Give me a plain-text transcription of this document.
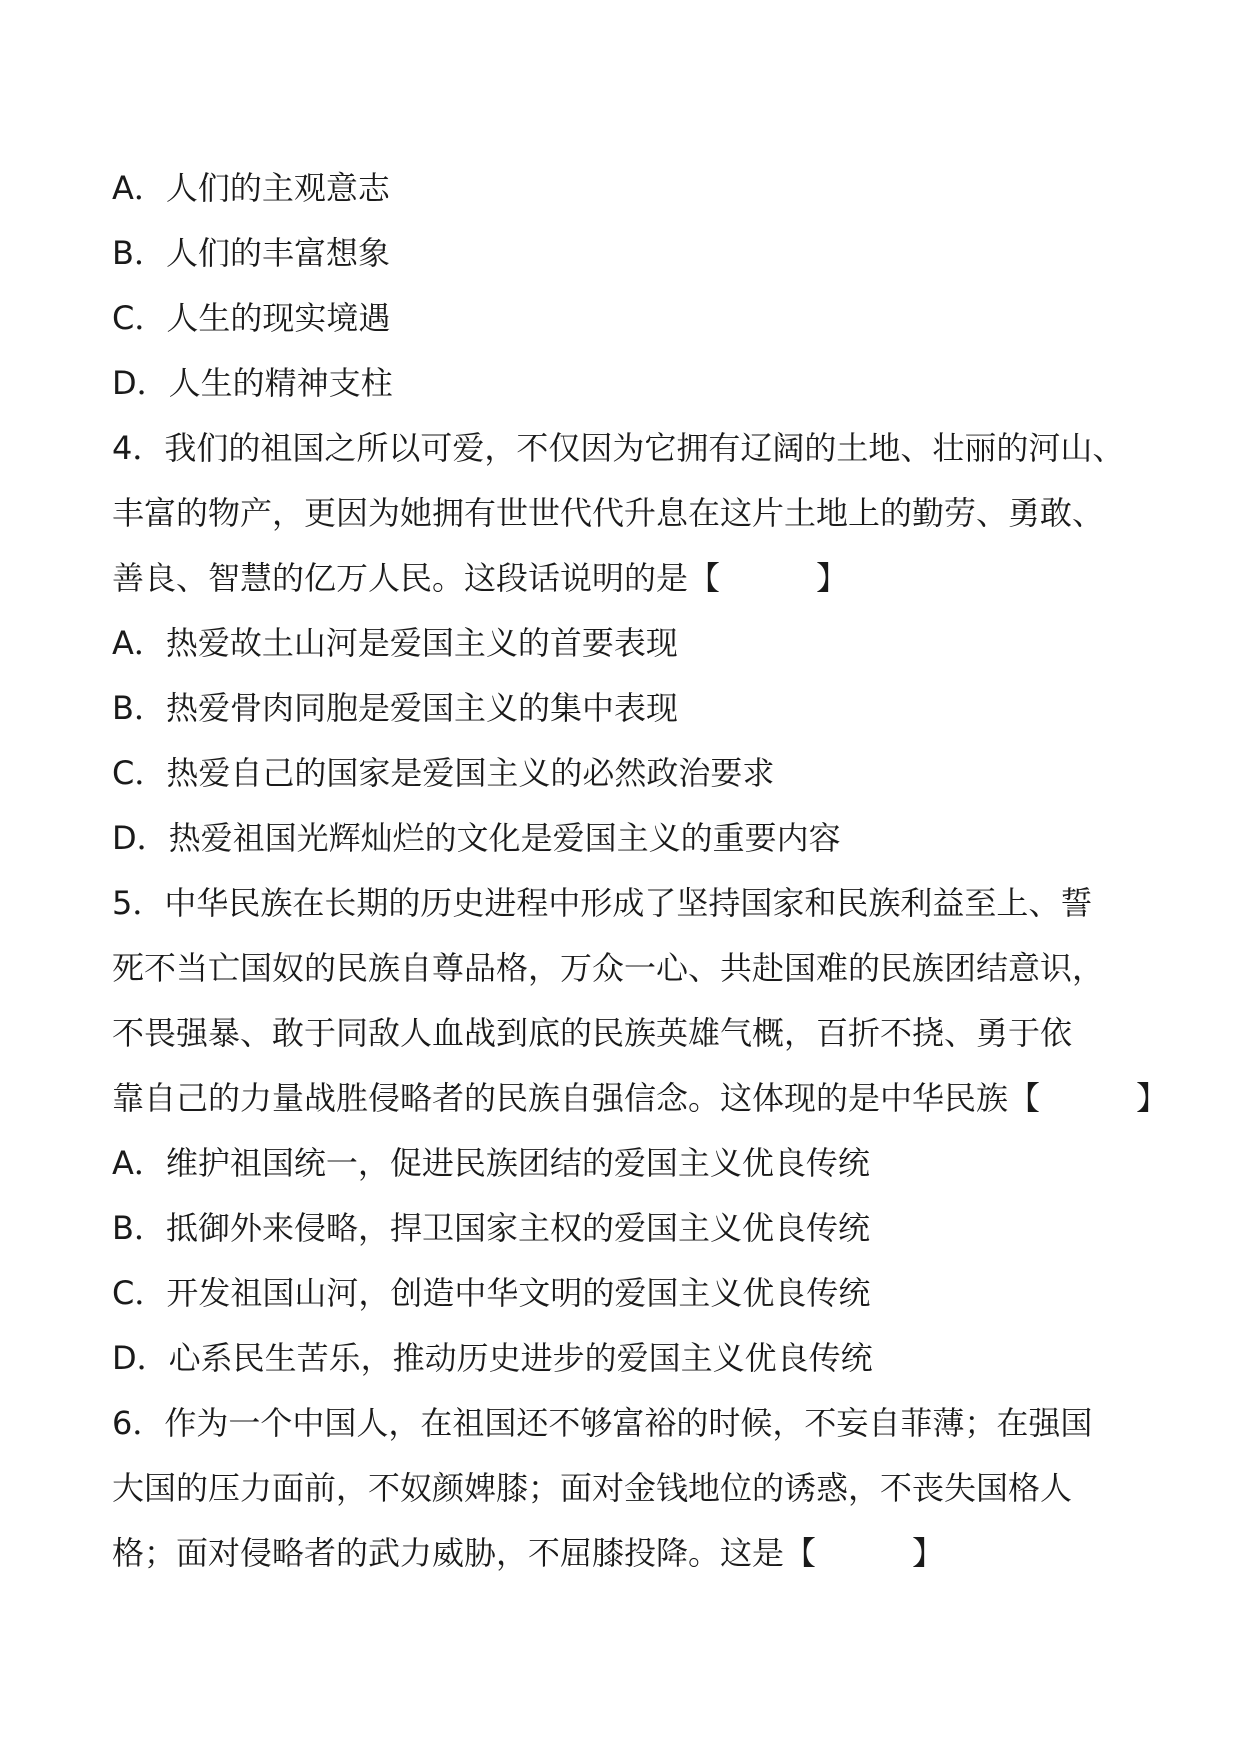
A．人们的主观意志
B．人们的丰富想象
C．人生的现实境遇
D．人生的精神支柱
4．我们的祖国之所以可爱，不仅因为它拥有辽阔的土地、壮丽的河山、
丰富的物产，更因为她拥有世世代代升息在这片土地上的勤劳、勇敢、
善良、智慧的亿万人民。这段话说明的是【　　　】
A．热爱故土山河是爱国主义的首要表现
B．热爱骨肉同胞是爱国主义的集中表现
C．热爱自己的国家是爱国主义的必然政治要求
D．热爱祖国光辉灿烂的文化是爱国主义的重要内容
5．中华民族在长期的历史进程中形成了坚持国家和民族利益至上、誓
死不当亡国奴的民族自尊品格，万众一心、共赴国难的民族团结意识，
不畏强暴、敢于同敌人血战到底的民族英雄气概，百折不挠、勇于依
靠自己的力量战胜侵略者的民族自强信念。这体现的是中华民族【　　　】
A．维护祖国统一，促进民族团结的爱国主义优良传统
B．抵御外来侵略，捍卫国家主权的爱国主义优良传统
C．开发祖国山河，创造中华文明的爱国主义优良传统
D．心系民生苦乐，推动历史进步的爱国主义优良传统
6．作为一个中国人，在祖国还不够富裕的时候，不妄自菲薄；在强国
大国的压力面前，不奴颜婢膝；面对金钱地位的诱惑，不丧失国格人
格；面对侵略者的武力威胁，不屈膝投降。这是【　　　】
